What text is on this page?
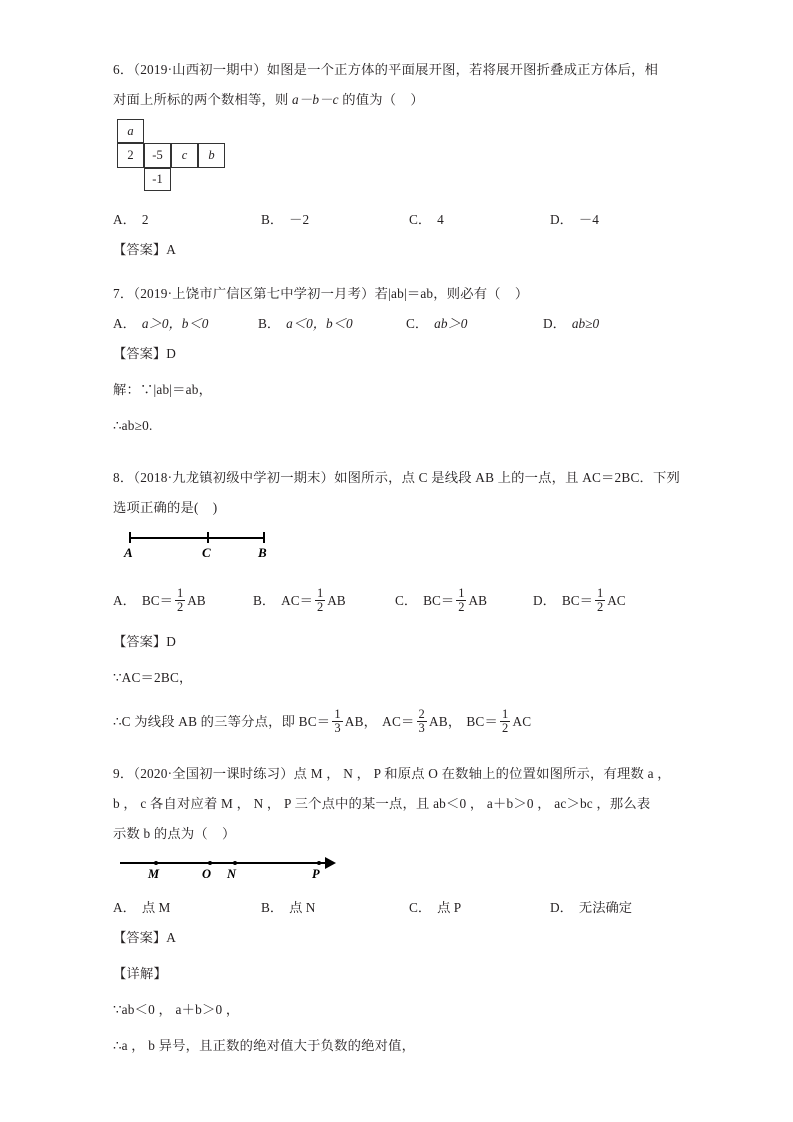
6．（2019·山西初一期中）如图是一个正方体的平面展开图，若将展开图折叠成正方体后，相
对面上所标的两个数相等，则 a－b－c 的值为（    ）
a
2	-5	c	b
-1
A． 2	B． －2	C． 4	D． －4
【答案】A
7．（2019·上饶市广信区第七中学初一月考）若|ab|＝ab，则必有（    ）
A． a＞0，b＜0	B． a＜0，b＜0	C． ab＞0	D． ab≥0
【答案】D
解：∵|ab|＝ab，
∴ab≥0.
8．（2018·九龙镇初级中学初一期末）如图所示，点 C 是线段 AB 上的一点，且 AC＝2BC．下列
选项正确的是(    )
A	C	B
A． $BC= \frac{1}{2}$ AB	B． $AC= \frac{1}{2}$ AB	C． $BC= \frac{1}{2}$ AB	D． $BC= \frac{1}{2}$ AC
【答案】D
∵AC＝2BC，
∴C 为线段 AB 的三等分点，即 $BC= \frac{1}{3}$ AB， $AC= \frac{2}{3}$ AB， $BC= \frac{1}{2}$ AC
9．（2020·全国初一课时练习）点 M ， N ， P 和原点 O 在数轴上的位置如图所示，有理数 a ，
b ， c 各自对应着 M ， N ， P 三个点中的某一点，且 ab＜0 ， a＋b＞0 ， ac＞bc ，那么表
示数 b 的点为（    ）
M	O N	P
A． 点 M	B． 点 N	C． 点 P	D． 无法确定
【答案】A
【详解】
∵ab＜0 ， a＋b＞0 ，
∴a ， b 异号，且正数的绝对值大于负数的绝对值，
